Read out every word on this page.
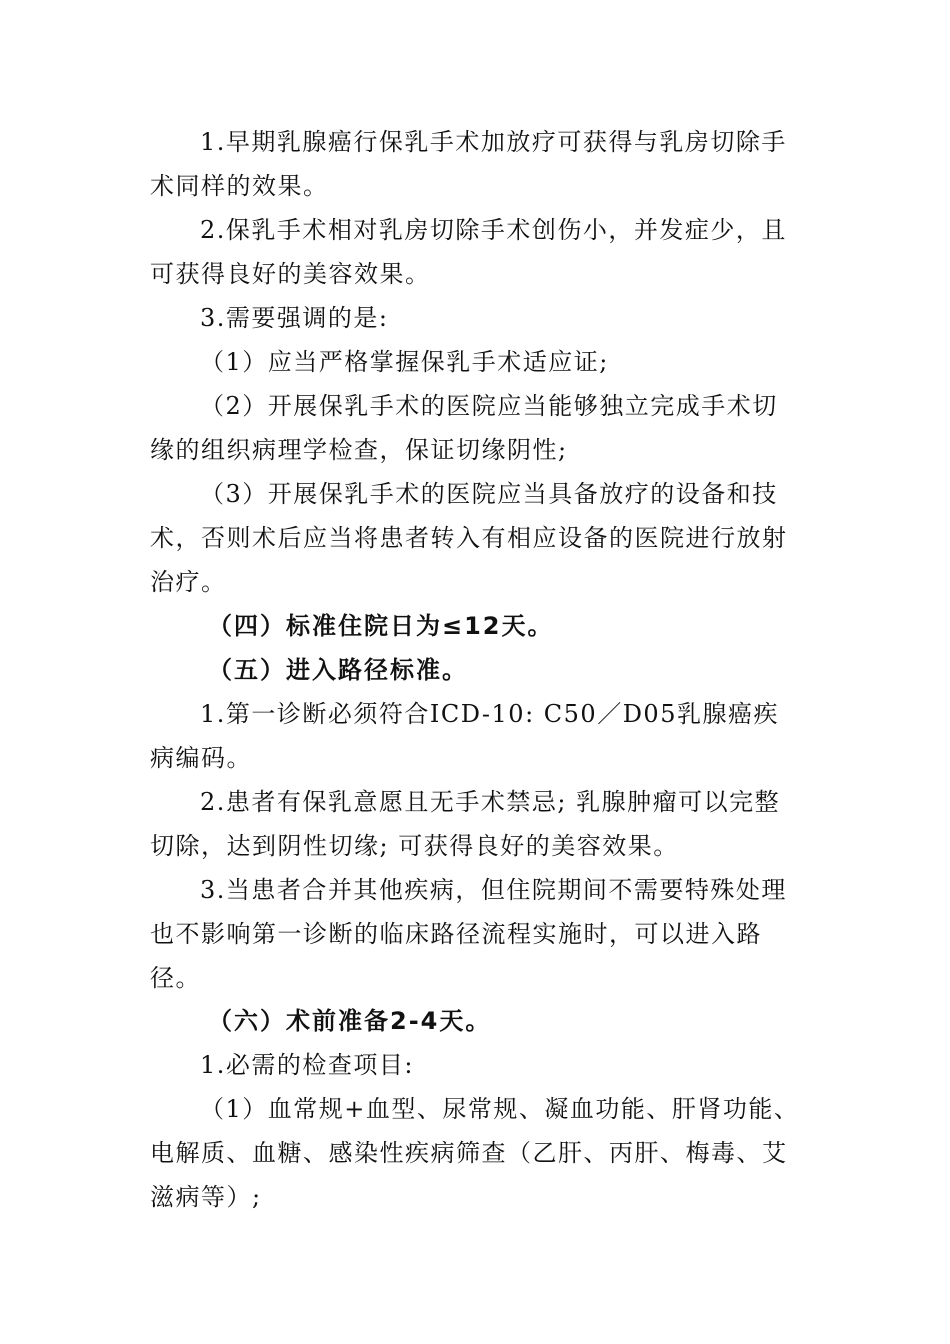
1.早期乳腺癌行保乳手术加放疗可获得与乳房切除手术同样的效果。

2.保乳手术相对乳房切除手术创伤小，并发症少，且可获得良好的美容效果。

3.需要强调的是:

（1）应当严格掌握保乳手术适应证;

（2）开展保乳手术的医院应当能够独立完成手术切缘的组织病理学检查，保证切缘阴性;

（3）开展保乳手术的医院应当具备放疗的设备和技术，否则术后应当将患者转入有相应设备的医院进行放射治疗。

（四）标准住院日为≤12天。

（五）进入路径标准。

1.第一诊断必须符合ICD-10: C50／D05乳腺癌疾病编码。

2.患者有保乳意愿且无手术禁忌; 乳腺肿瘤可以完整切除，达到阴性切缘; 可获得良好的美容效果。

3.当患者合并其他疾病，但住院期间不需要特殊处理也不影响第一诊断的临床路径流程实施时，可以进入路径。

（六）术前准备2-4天。

1.必需的检查项目:

（1）血常规+血型、尿常规、凝血功能、肝肾功能、电解质、血糖、感染性疾病筛查（乙肝、丙肝、梅毒、艾滋病等）;
